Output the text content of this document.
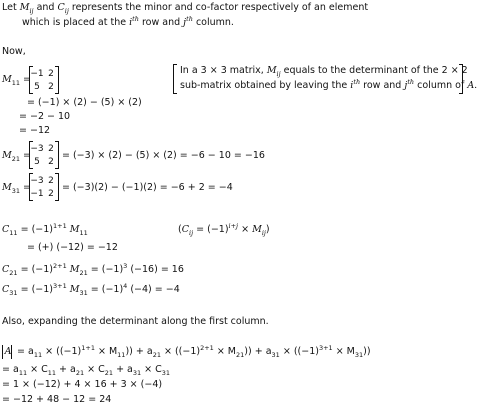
Let $M_{ij}$ and $C_{ij}$ represents the minor and co-factor respectively of an element
which is placed at the $i^{th}$ row and $j^{th}$ column.
Now,
$M_{11} = -1$ 2
5 2
= (−1) × (2) − (5) × (2)
= −2 − 10
= −12
In a 3 × 3 matrix, $M_{ij}$ equals to the determinant of the 2 × 2
sub-matrix obtained by leaving the $i^{th}$ row and $j^{th}$ column of A.
$M_{21}$ =
−3 2
5 2
= (−3) × (2) − (5) × (2) = −6 − 10 = −16
$M_{31}$ =
−3 2
−1 2
= (−3)(2) − (−1)(2) = −6 + 2 = −4
$C_{11} = (-1)^{1+1}$ $M_{11}$	$(C_{ij} = (-1)^{i+j} \times M_{ij})$
= (+) (−12) = −12
$C_{21} = (-1)^{2+1}$ $M_{21} = (-1)^3$ (−16) = 16
$C_{31} = (-1)^{3+1}$ $M_{31} = (-1)^4$ (−4) = −4
Also, expanding the determinant along the first column.
$A = a_{11} \times ((-1)^{1+1} \times M_{11})) + a_{21} \times ((-1)^{2+1} \times M_{21})) + a_{31} \times ((-1)^{3+1} \times M_{31})$)
= $a_{11} \times C_{11} + a_{21} \times C_{21} + a_{31} \times C_{31}$
= 1 × (−12) + 4 × 16 + 3 × (−4)
= −12 + 48 − 12 = 24
